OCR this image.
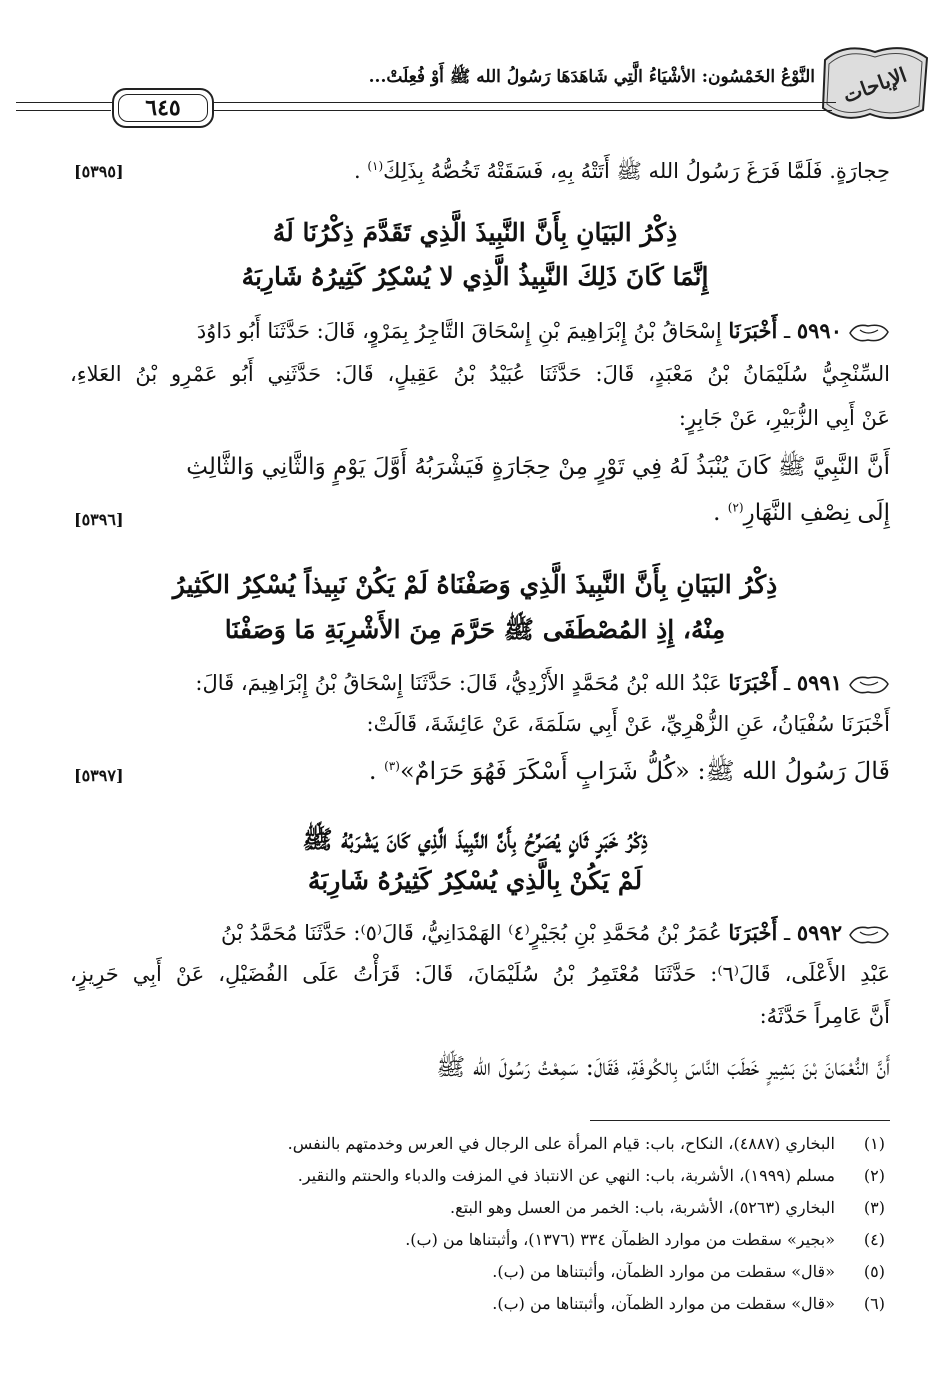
الإباحات
النَّوْعُ الخَمْسُون: الأشْيَاءُ الَّتِي شَاهَدَهَا رَسُولُ الله ﷺ أَوْ فُعِلَتْ...
٦٤٥
حِجارَةٍ. فَلَمَّا فَرَغَ رَسُولُ الله ﷺ أَتَتْهُ بِهِ، فَسَقَتْهُ تَخُصُّهُ بِذَلِكَ$^{(١)}$ .
[٥٣٩٥]
ذِكْرُ البَيَانِ بِأَنَّ النَّبِيذَ الَّذِي تَقَدَّمَ ذِكْرُنَا لَهُ
إِنَّمَا كَانَ ذَلِكَ النَّبِيذُ الَّذِي لا يُسْكِرُ كَثِيرُهُ شَارِبَهُ
٥٩٩٠ ـ أَخْبَرَنَا إِسْحَاقُ بْنُ إِبْرَاهِيمَ بْنِ إِسْحَاقَ التَّاجِرُ بِمَرْوٍ، قَالَ: حَدَّثَنَا أَبُو دَاوُدَ
السِّنْجِيُّ سُلَيْمَانُ بْنُ مَعْبَدٍ، قَالَ: حَدَّثَنَا عُبَيْدُ بْنُ عَقِيلٍ، قَالَ: حَدَّثَنِي أَبُو عَمْرِو بْنُ العَلاءِ،
عَنْ أَبِي الزُّبَيْرِ، عَنْ جَابِرٍ:
أَنَّ النَّبِيَّ ﷺ كَانَ يُنْبَذُ لَهُ فِي تَوْرٍ مِنْ حِجَارَةٍ فَيَشْرَبُهُ أَوَّلَ يَوْمٍ وَالثَّانِي وَالثَّالِثِ
إِلَى نِصْفِ النَّهَارِ$^{(٢)}$ .
[٥٣٩٦]
ذِكْرُ البَيَانِ بِأَنَّ النَّبِيذَ الَّذِي وَصَفْنَاهُ لَمْ يَكُنْ نَبِيذاً يُسْكِرُ الكَثِيرُ
مِنْهُ، إِذِ المُصْطَفَى ﷺ حَرَّمَ مِنَ الأَشْرِبَةِ مَا وَصَفْنَا
٥٩٩١ ـ أَخْبَرَنَا عَبْدُ الله بْنُ مُحَمَّدٍ الأَزْدِيُّ، قَالَ: حَدَّثَنَا إِسْحَاقُ بْنُ إِبْرَاهِيمَ، قَالَ:
أَخْبَرَنَا سُفْيَانُ، عَنِ الزُّهْرِيِّ، عَنْ أَبِي سَلَمَةَ، عَنْ عَائِشَةَ، قَالَتْ:
قَالَ رَسُولُ الله ﷺ: «كُلُّ شَرَابٍ أَسْكَرَ فَهُوَ حَرَامٌ»$^{(٣)}$ .
[٥٣٩٧]
ذِكْرُ خَبَرٍ ثَانٍ يُصَرِّحُ بِأَنَّ النَّبِيذَ الَّذِي كَانَ يَشْرَبُهُ ﷺ
لَمْ يَكُنْ بِالَّذِي يُسْكِرُ كَثِيرُهُ شَارِبَهُ
٥٩٩٢ ـ أَخْبَرَنَا عُمَرُ بْنُ مُحَمَّدِ بْنِ بُجَيْرٍ⁽٤⁾ الهَمْدَانِيُّ، قَالَ⁽٥⁾: حَدَّثَنَا مُحَمَّدُ بْنُ
عَبْدِ الأَعْلَى، قَالَ⁽٦⁾: حَدَّثَنَا مُعْتَمِرُ بْنُ سُلَيْمَانَ، قَالَ: قَرَأْتُ عَلَى الفُضَيْلِ، عَنْ أَبِي حَرِيزٍ،
أَنَّ عَامِراً حَدَّثَهُ:
أَنَّ النُّعْمَانَ بْنَ بَشِيرٍ خَطَبَ النَّاسَ بِالكُوفَةِ، فَقَالَ: سَمِعْتُ رَسُولَ الله ﷺ
(١)البخاري (٤٨٨٧)، النكاح، باب: قيام المرأة على الرجال في العرس وخدمتهم بالنفس.
(٢)مسلم (١٩٩٩)، الأشربة، باب: النهي عن الانتباذ في المزفت والدباء والحنتم والنقير.
(٣)البخاري (٥٢٦٣)، الأشربة، باب: الخمر من العسل وهو البتع.
(٤)«بجير» سقطت من موارد الظمآن ٣٣٤ (١٣٧٦)، وأثبتناها من (ب).
(٥)«قال» سقطت من موارد الظمآن، وأثبتناها من (ب).
(٦)«قال» سقطت من موارد الظمآن، وأثبتناها من (ب).
